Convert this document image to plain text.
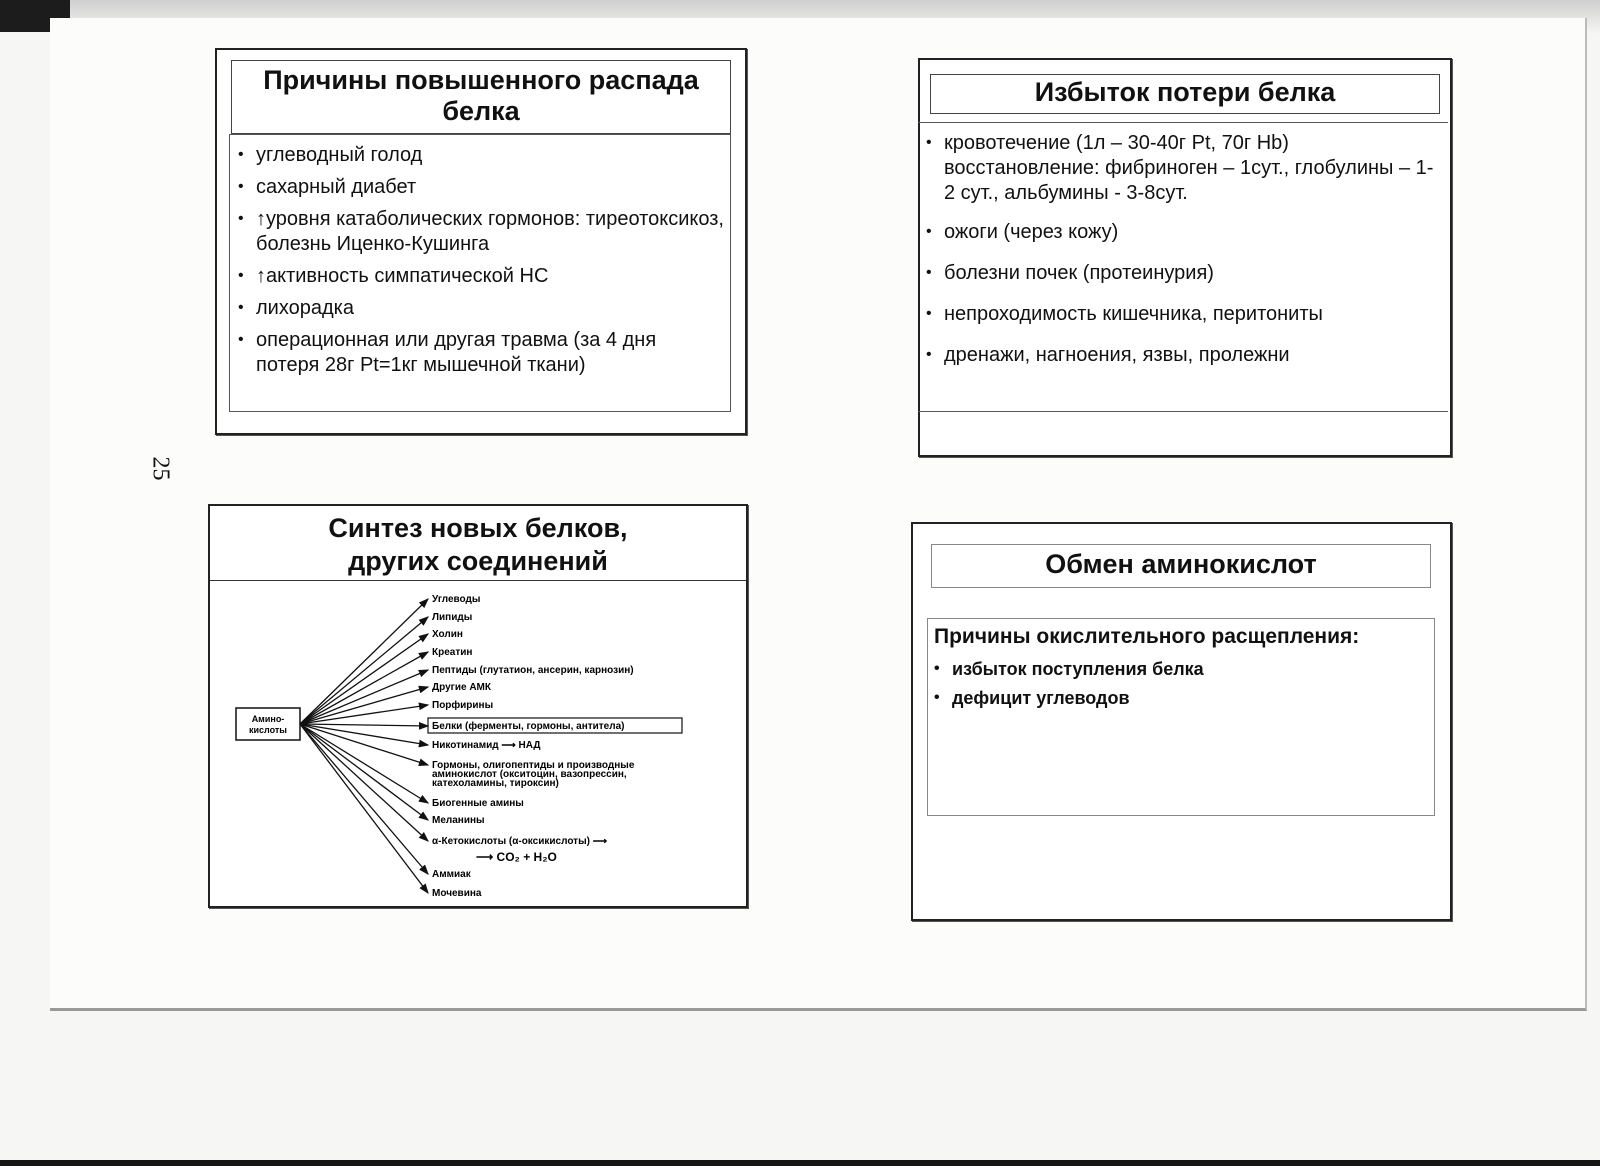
25
Причины повышенного распада белка
• углеводный голод
• сахарный диабет
• ↑уровня катаболических гормонов: тиреотоксикоз, болезнь Иценко-Кушинга
• ↑активность симпатической НС
• лихорадка
• операционная или другая травма (за 4 дня потеря 28г Pt=1кг мышечной ткани)
Избыток потери белка
• кровотечение (1л – 30-40г Pt, 70г Hb) восстановление: фибриноген – 1сут., глобулины – 1-2 сут., альбумины - 3-8сут.
• ожоги (через кожу)
• болезни почек (протеинурия)
• непроходимость кишечника, перитониты
• дренажи, нагноения, язвы, пролежни
Синтез новых белков,
других соединений
Амино-
кислоты
Углеводы
Липиды
Холин
Креатин
Пептиды (глутатион, ансерин, карнозин)
Другие АМК
Порфирины
Белки (ферменты, гормоны, антитела)
Никотинамид ⟶ НАД
Гормоны, олигопептиды и производные
аминокислот (окситоцин, вазопрессин,
катехоламины, тироксин)
Биогенные амины
Меланины
α-Кетокислоты (α-оксикислоты) ⟶
⟶ CO₂ + H₂O
Аммиак
Мочевина
Обмен аминокислот
Причины окислительного расщепления:
• избыток поступления белка
• дефицит углеводов
